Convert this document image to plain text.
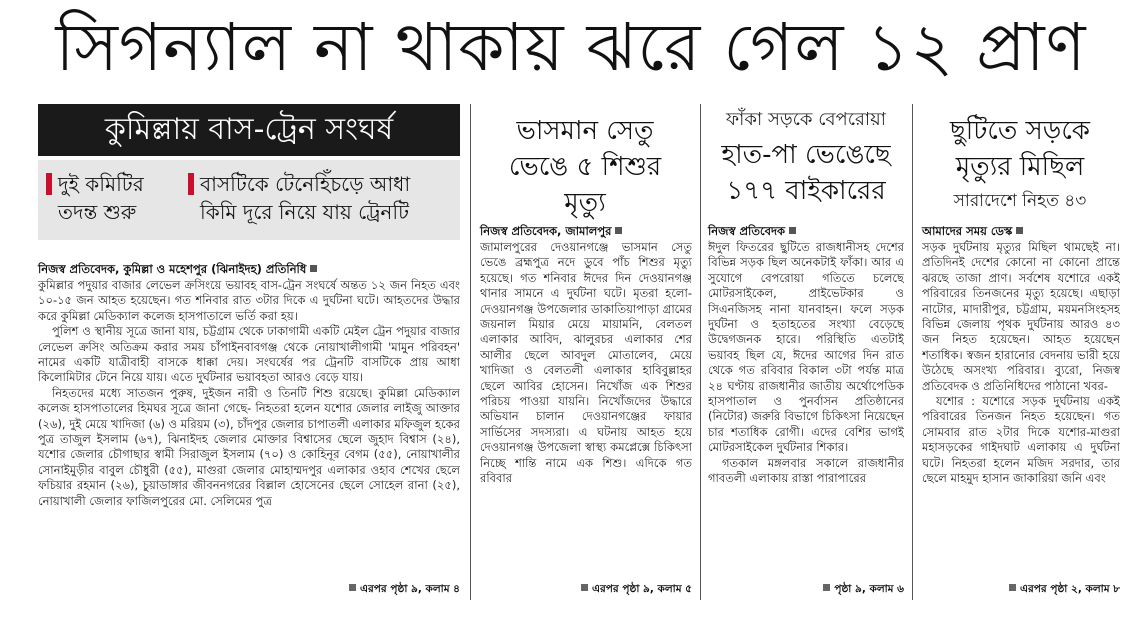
সিগন্যাল না থাকায় ঝরে গেল ১২ প্রাণ
কুমিল্লায় বাস-ট্রেন সংঘর্ষ
দুই কমিটির
তদন্ত শুরু
বাসটিকে টেনেহিঁচড়ে আধা
কিমি দূরে নিয়ে যায় ট্রেনটি
নিজস্ব প্রতিবেদক, কুমিল্লা ও মহেশপুর (ঝিনাইদহ) প্রতিনিধি

কুমিল্লার পদুয়ার বাজার লেভেল ক্রসিংয়ে ভয়াবহ বাস-ট্রেন সংঘর্ষে অন্তত ১২ জন নিহত এবং ১০-১৫ জন আহত হয়েছেন। গত শনিবার রাত ৩টার দিকে এ দুর্ঘটনা ঘটে। আহতদের উদ্ধার করে কুমিল্লা মেডিক্যাল কলেজ হাসপাতালে ভর্তি করা হয়।

পুলিশ ও স্থানীয় সূত্রে জানা যায়, চট্টগ্রাম থেকে ঢাকাগামী একটি মেইল ট্রেন পদুয়ার বাজার লেভেল ক্রসিং অতিক্রম করার সময় চাঁপাইনবাবগঞ্জ থেকে নোয়াখালীগামী 'মামুন পরিবহন' নামের একটি যাত্রীবাহী বাসকে ধাক্কা দেয়। সংঘর্ষের পর ট্রেনটি বাসটিকে প্রায় আধা কিলোমিটার টেনে নিয়ে যায়। এতে দুর্ঘটনার ভয়াবহতা আরও বেড়ে যায়।

নিহতদের মধ্যে সাতজন পুরুষ, দুইজন নারী ও তিনটি শিশু রয়েছে। কুমিল্লা মেডিক্যাল কলেজ হাসপাতালের হিমঘর সূত্রে জানা গেছে- নিহতরা হলেন যশোর জেলার লাইজু আক্তার (২৬), দুই মেয়ে খাদিজা (৬) ও মরিয়ম (৩), চাঁদপুর জেলার চাপাতলী এলাকার মফিজুল হকের পুত্র তাজুল ইসলাম (৬৭), ঝিনাইদহ জেলার মোক্তার বিশ্বাসের ছেলে জুহাদ বিশ্বাস (২৪), যশোর জেলার চৌগাছার স্বামী সিরাজুল ইসলাম (৭০) ও কোহিনূর বেগম (৫৫), নোয়াখালীর সোনাইমুড়ীর বাবুল চৌধুরী (৫৫), মাগুরা জেলার মোহাম্মদপুর এলাকার ওহাব শেখের ছেলে ফচিয়ার রহমান (২৬), চুয়াডাঙ্গার জীবননগরের বিল্লাল হোসেনের ছেলে সোহেল রানা (২৫), নোয়াখালী জেলার ফাজিলপুরের মো. সেলিমের পুত্র

এরপর পৃষ্ঠা ৯, কলাম ৪
ভাসমান সেতু
ভেঙে ৫ শিশুর
মৃত্যু
নিজস্ব প্রতিবেদক, জামালপুর

জামালপুরের দেওয়ানগঞ্জে ভাসমান সেতু ভেঙে ব্রহ্মপুত্র নদে ডুবে পাঁচ শিশুর মৃত্যু হয়েছে। গত শনিবার ঈদের দিন দেওয়ানগঞ্জ থানার সামনে এ দুর্ঘটনা ঘটে। মৃতরা হলো- দেওয়ানগঞ্জ উপজেলার ডাকাতিয়াপাড়া গ্রামের জয়নাল মিয়ার মেয়ে মায়ামনি, বেলতল এলাকার আবিদ, ঝালুরচর এলাকার শের আলীর ছেলে আবদুল মোতালেব, মেয়ে খাদিজা ও বেলতলী এলাকার হাবিবুল্লাহর ছেলে আবির হোসেন। নিখোঁজ এক শিশুর পরিচয় পাওয়া যায়নি। নিখোঁজদের উদ্ধারে অভিযান চালান দেওয়ানগঞ্জের ফায়ার সার্ভিসের সদস্যরা। এ ঘটনায় আহত হয়ে দেওয়ানগঞ্জ উপজেলা স্বাস্থ্য কমপ্লেক্সে চিকিৎসা নিচ্ছে শান্তি নামে এক শিশু। এদিকে গত রবিবার

এরপর পৃষ্ঠা ৯, কলাম ৫
ফাঁকা সড়কে বেপরোয়া
হাত-পা ভেঙেছে
১৭৭ বাইকারের
নিজস্ব প্রতিবেদক

ঈদুল ফিতরের ছুটিতে রাজধানীসহ দেশের বিভিন্ন সড়ক ছিল অনেকটাই ফাঁকা। আর এ সুযোগে বেপরোয়া গতিতে চলেছে মোটরসাইকেল, প্রাইভেটকার ও সিএনজিসহ নানা যানবাহন। ফলে সড়ক দুর্ঘটনা ও হতাহতের সংখ্যা বেড়েছে উদ্বেগজনক হারে। পরিস্থিতি এতটাই ভয়াবহ ছিল যে, ঈদের আগের দিন রাত থেকে গত রবিবার বিকাল ৩টা পর্যন্ত মাত্র ২৪ ঘণ্টায় রাজধানীর জাতীয় অর্থোপেডিক হাসপাতাল ও পুনর্বাসন প্রতিষ্ঠানের (নিটোর) জরুরি বিভাগে চিকিৎসা নিয়েছেন চার শতাধিক রোগী। এদের বেশির ভাগই মোটরসাইকেল দুর্ঘটনার শিকার।

গতকাল মঙ্গলবার সকালে রাজধানীর গাবতলী এলাকায় রাস্তা পারাপারের

পৃষ্ঠা ৯, কলাম ৬
ছুটিতে সড়কে
মৃত্যুর মিছিল
সারাদেশে নিহত ৪৩
আমাদের সময় ডেস্ক

সড়ক দুর্ঘটনায় মৃত্যুর মিছিল থামছেই না। প্রতিদিনই দেশের কোনো না কোনো প্রান্তে ঝরছে তাজা প্রাণ। সর্বশেষ যশোরে একই পরিবারের তিনজনের মৃত্যু হয়েছে। এছাড়া নাটোর, মাদারীপুর, চট্টগ্রাম, ময়মনসিংহসহ বিভিন্ন জেলায় পৃথক দুর্ঘটনায় আরও ৪৩ জন নিহত হয়েছেন। আহত হয়েছেন শতাধিক। স্বজন হারানোর বেদনায় ভারী হয়ে উঠেছে অসংখ্য পরিবার। ব্যুরো, নিজস্ব প্রতিবেদক ও প্রতিনিধিদের পাঠানো খবর-

যশোর : যশোরে সড়ক দুর্ঘটনায় একই পরিবারের তিনজন নিহত হয়েছেন। গত সোমবার রাত ২টার দিকে যশোর-মাগুরা মহাসড়কের গাইদঘাট এলাকায় এ দুর্ঘটনা ঘটে। নিহতরা হলেন মজিদ সরদার, তার ছেলে মাহমুদ হাসান জাকারিয়া জনি এবং

এরপর পৃষ্ঠা ২, কলাম ৮
